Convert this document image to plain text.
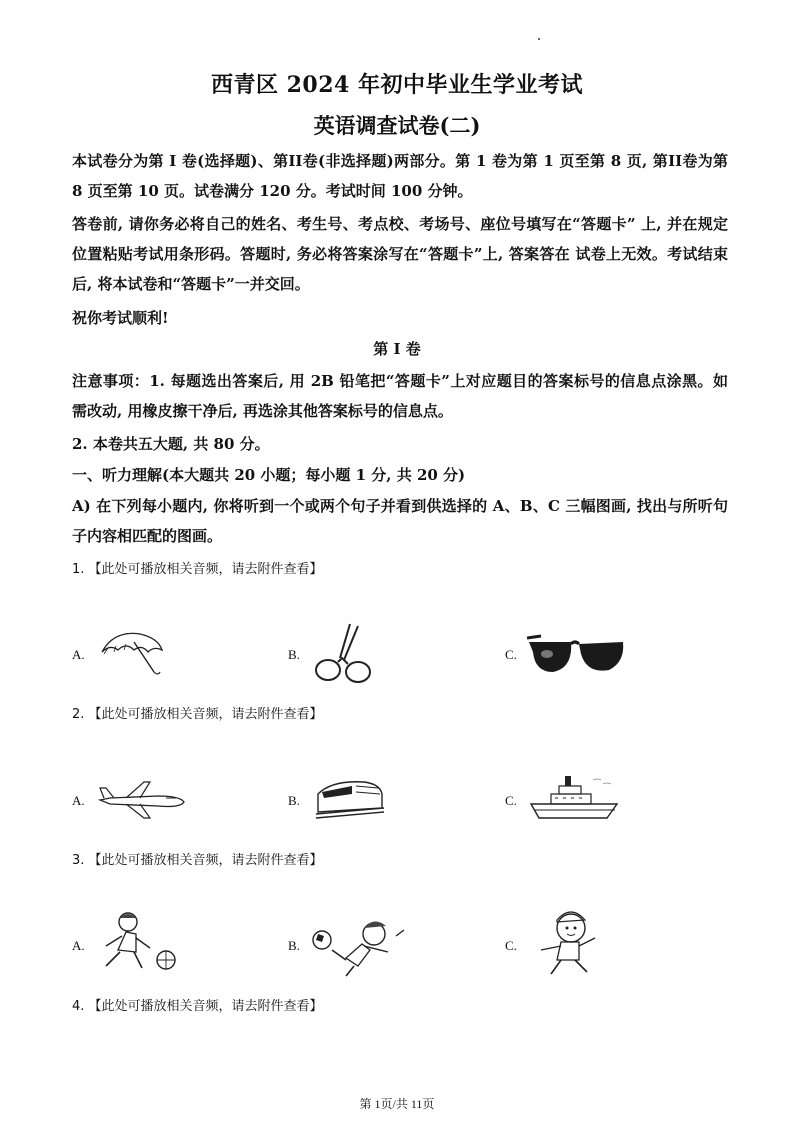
西青区 2024 年初中毕业生学业考试
英语调查试卷(二)
本试卷分为第 I 卷(选择题)、第II卷(非选择题)两部分。第 1 卷为第 1 页至第 8 页, 第II卷为第 8 页至第 10 页。试卷满分 120 分。考试时间 100 分钟。
答卷前, 请你务必将自己的姓名、考生号、考点校、考场号、座位号填写在“答题卡” 上, 并在规定位置粘贴考试用条形码。答题时, 务必将答案涂写在“答题卡”上, 答案答在 试卷上无效。考试结束后, 将本试卷和“答题卡”一并交回。
祝你考试顺利!
第 I 卷
注意事项：1. 每题选出答案后, 用 2B 铅笔把“答题卡”上对应题目的答案标号的信息点涂黑。如 需改动, 用橡皮擦干净后, 再选涂其他答案标号的信息点。
2. 本卷共五大题, 共 80 分。
一、听力理解(本大题共 20 小题；每小题 1 分, 共 20 分)
A) 在下列每小题内, 你将听到一个或两个句子并看到供选择的 A、B、C 三幅图画, 找出与所听句子内容相匹配的图画。
1. 【此处可播放相关音频，请去附件查看】
A.	B.	C.
2. 【此处可播放相关音频，请去附件查看】
A.	B.	C.
3. 【此处可播放相关音频，请去附件查看】
A.	B.	C.
4. 【此处可播放相关音频，请去附件查看】
第 1页/共 11页
